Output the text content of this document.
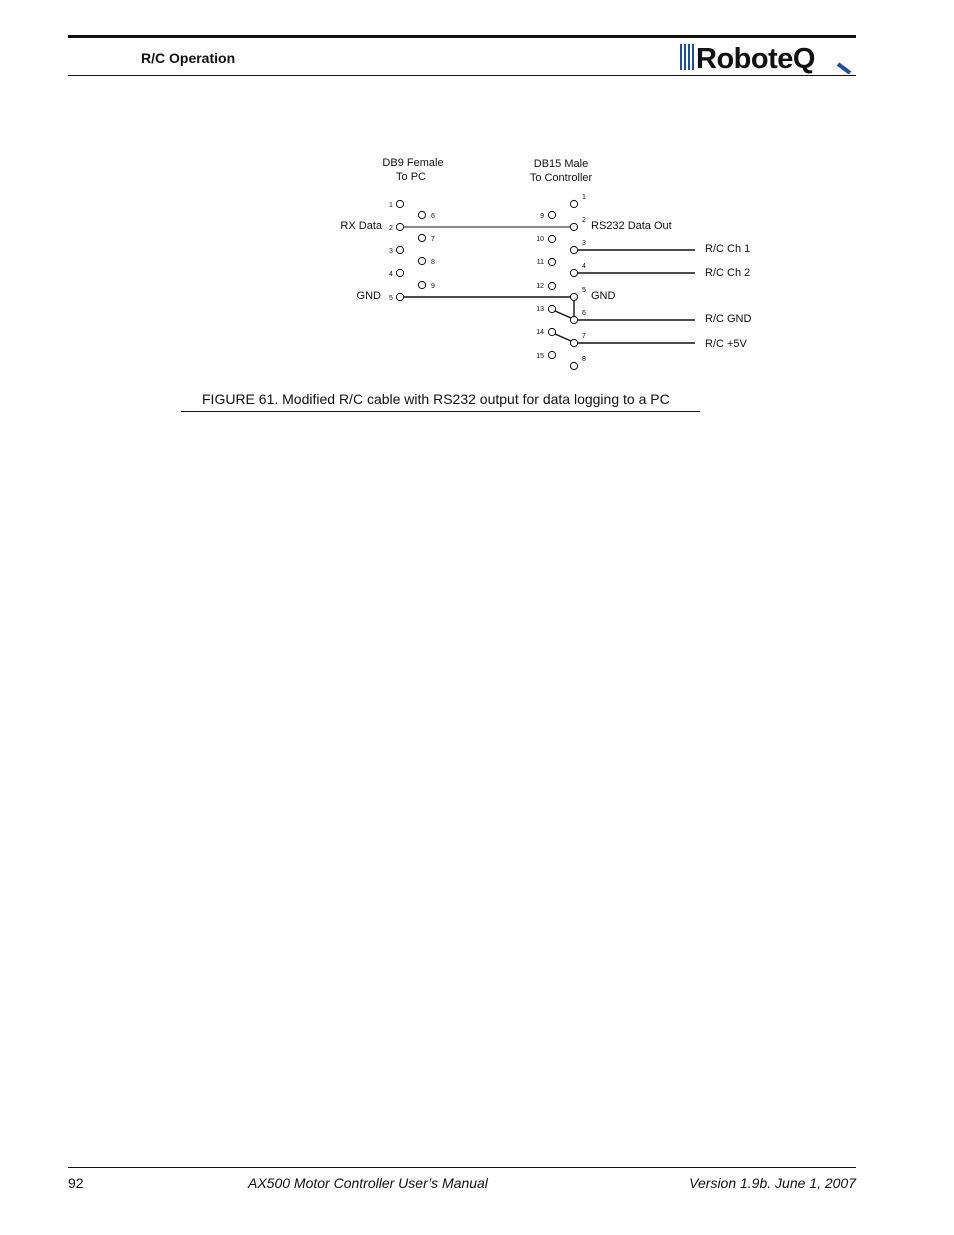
R/C Operation	RoboteQ
DB9 Female
To PC
DB15 Male
To Controller
1
2
3
4
5
6
7
8
9
1
2
3
4
5
6
7
8
9
10
11
12
13
14
15
RX Data
GND
RS232 Data Out
GND
R/C Ch 1
R/C Ch 2
R/C GND
R/C +5V
FIGURE 61. Modified R/C cable with RS232 output for data logging to a PC
92	AX500 Motor Controller User’s Manual	Version 1.9b. June 1, 2007
